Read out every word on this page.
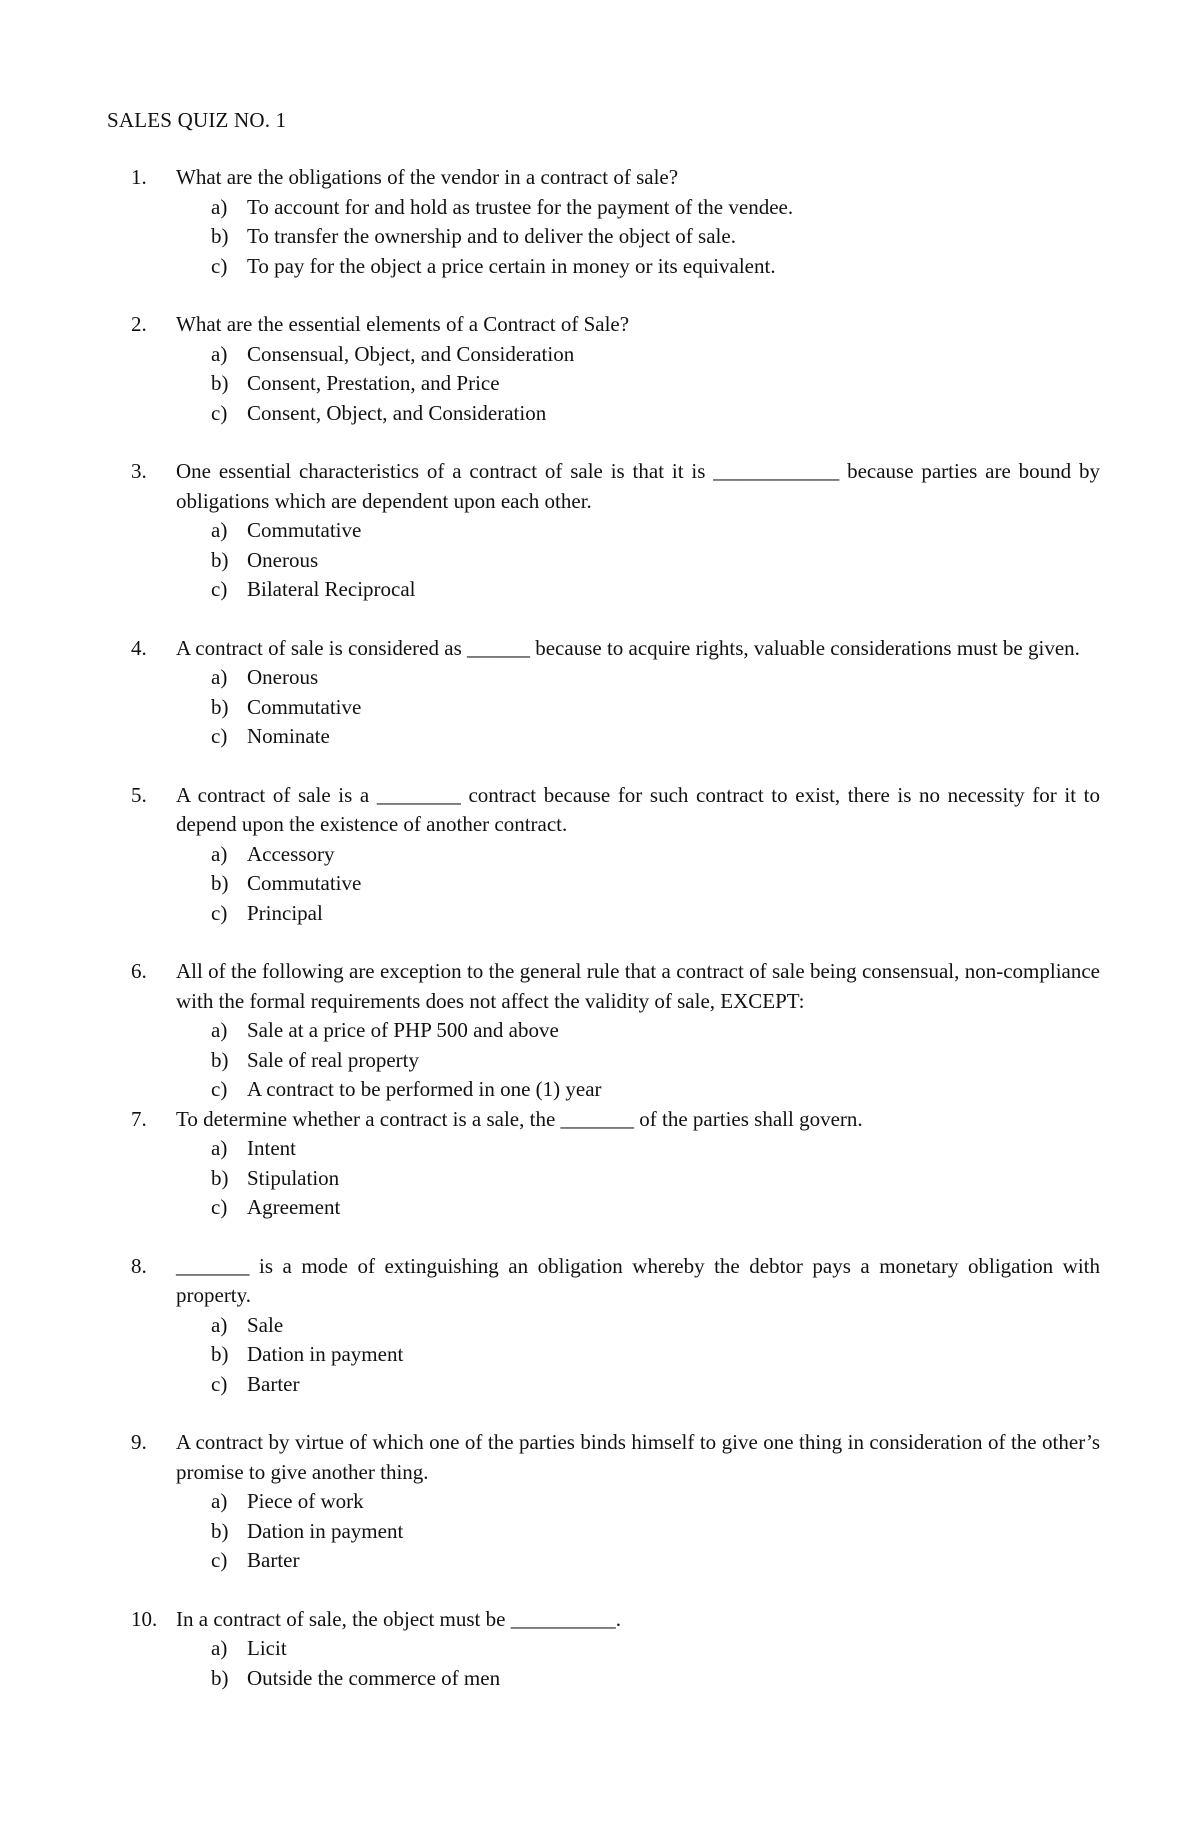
SALES QUIZ NO. 1
1.	What are the obligations of the vendor in a contract of sale?
a) To account for and hold as trustee for the payment of the vendee.
b) To transfer the ownership and to deliver the object of sale.
c) To pay for the object a price certain in money or its equivalent.
2.	What are the essential elements of a Contract of Sale?
a) Consensual, Object, and Consideration
b) Consent, Prestation, and Price
c) Consent, Object, and Consideration
3.	One essential characteristics of a contract of sale is that it is ____________ because parties are bound by obligations which are dependent upon each other.
a) Commutative
b) Onerous
c) Bilateral Reciprocal
4.	A contract of sale is considered as ______ because to acquire rights, valuable considerations must be given.
a) Onerous
b) Commutative
c) Nominate
5.	A contract of sale is a ________ contract because for such contract to exist, there is no necessity for it to depend upon the existence of another contract.
a) Accessory
b) Commutative
c) Principal
6.	All of the following are exception to the general rule that a contract of sale being consensual, non-compliance with the formal requirements does not affect the validity of sale, EXCEPT:
a) Sale at a price of PHP 500 and above
b) Sale of real property
c) A contract to be performed in one (1) year
7.	To determine whether a contract is a sale, the _______ of the parties shall govern.
a) Intent
b) Stipulation
c) Agreement
8.	_______ is a mode of extinguishing an obligation whereby the debtor pays a monetary obligation with property.
a) Sale
b) Dation in payment
c) Barter
9.	A contract by virtue of which one of the parties binds himself to give one thing in consideration of the other’s promise to give another thing.
a) Piece of work
b) Dation in payment
c) Barter
10. In a contract of sale, the object must be __________.
a) Licit
b) Outside the commerce of men
